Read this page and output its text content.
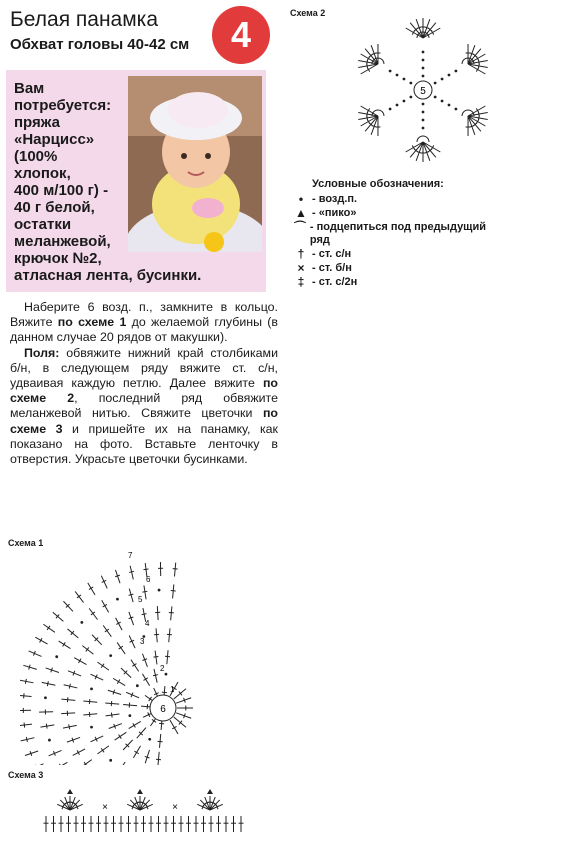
Белая панамка
Обхват головы 40-42 см	4
Вам
потребуется:
пряжа
«Нарцисс»
(100%
хлопок,
400 м/100 г) -
40 г белой,
остатки
меланжевой,
крючок №2,
атласная лента, бусинки.

Наберите 6 возд. п., замкните в кольцо. Вяжите по схеме 1 до желаемой глубины (в данном случае 20 рядов от макушки).

Поля: обвяжите нижний край столбиками б/н, в следующем ряду вяжите ст. с/н, удваивая каждую петлю. Далее вяжите по схеме 2, последний ряд обвяжите меланжевой нитью. Свяжите цветочки по схеме 3 и пришейте их на панамку, как показано на фото. Вставьте ленточку в отверстия. Украсьте цветочки бусинками.

Схема 2
5
Условные обозначения:
• - возд.п.
▲ - «пико»
⌒ - подцепиться под предыдущий ряд
† - ст. с/н
× - ст. б/н
‡ - ст. с/2н
Схема 1
6
2
3
4
5
6
7
1
Схема 3
×	×
